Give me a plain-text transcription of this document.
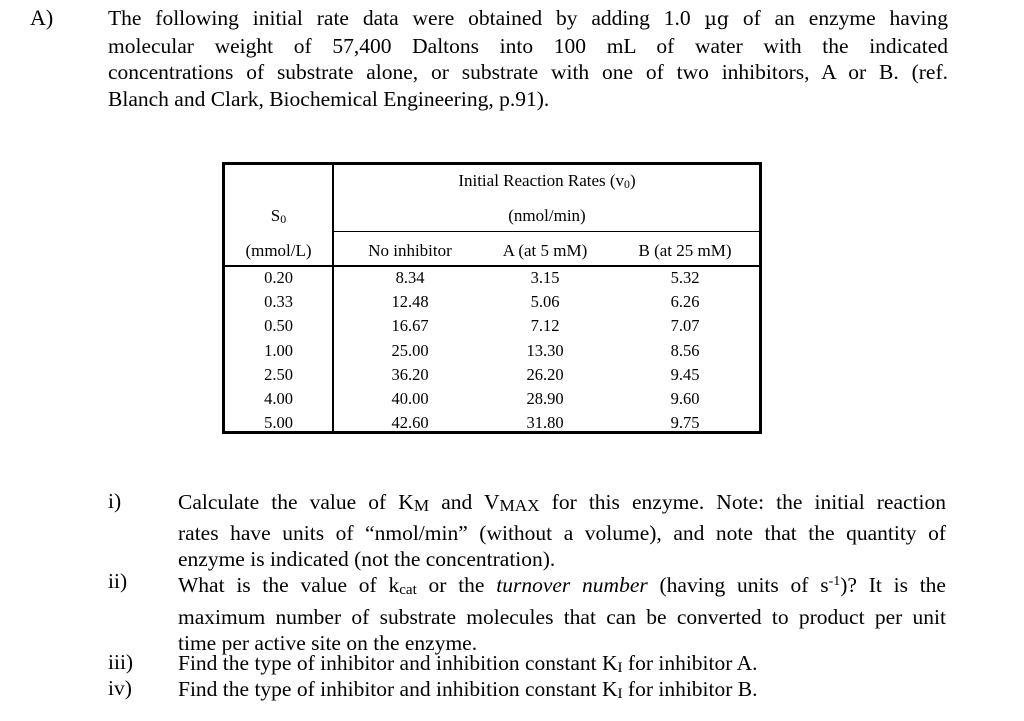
A)	The following initial rate data were obtained by adding 1.0 µg of an enzyme having
molecular weight of 57,400 Daltons into 100 mL of water with the indicated
concentrations of substrate alone, or substrate with one of two inhibitors, A or B. (ref.
Blanch and Clark, Biochemical Engineering, p.91).
Initial Reaction Rates $(v_0)$
(nmol/min)
$S_0$
(mmol/L)	No inhibitor	A (at 5 mM)	B (at 25 mM)
0.20	8.34	3.15	5.32
0.33	12.48	5.06	6.26
0.50	16.67	7.12	7.07
1.00	25.00	13.30	8.56
2.50	36.20	26.20	9.45
4.00	40.00	28.90	9.60
5.00	42.60	31.80	9.75
i)	Calculate the value of $K_M$ and $V_{MAX}$ for this enzyme. Note: the initial reaction
rates have units of “nmol/min” (without a volume), and note that the quantity of
enzyme is indicated (not the concentration).
ii) What is the value of $k_{cat}$ or the turnover number (having units of $s^{-1}$)? It is the
maximum number of substrate molecules that can be converted to product per unit
time per active site on the enzyme.
iii) Find the type of inhibitor and inhibition constant $K_I$ for inhibitor A.
iv) Find the type of inhibitor and inhibition constant $K_I$ for inhibitor B.
